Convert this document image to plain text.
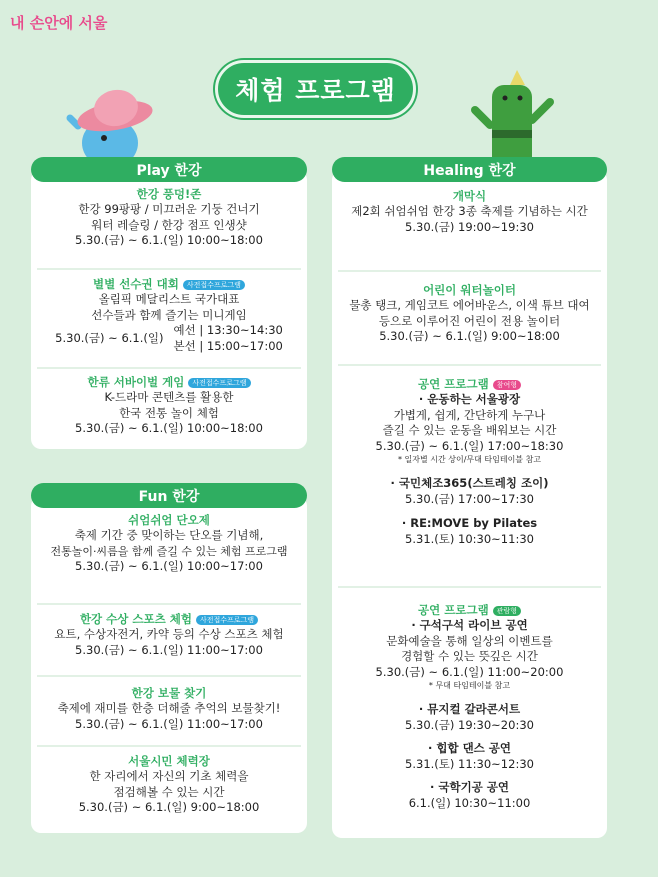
내 손안에 서울
체험 프로그램
Play 한강
한강 풍덩!존
한강 99팡팡 / 미끄러운 기둥 건너기
워터 레슬링 / 한강 점프 인생샷
5.30.(금) ~ 6.1.(일) 10:00~18:00
별별 선수권 대회 사전접수프로그램
올림픽 메달리스트 국가대표
선수들과 함께 즐기는 미니게임
5.30.(금) ~ 6.1.(일)
예선 | 13:30~14:30
본선 | 15:00~17:00
한류 서바이벌 게임 사전접수프로그램
K-드라마 콘텐츠를 활용한
한국 전통 놀이 체험
5.30.(금) ~ 6.1.(일) 10:00~18:00
Fun 한강
쉬엄쉬엄 단오제
축제 기간 중 맞이하는 단오를 기념해,
전통놀이·씨름을 함께 즐길 수 있는 체험 프로그램
5.30.(금) ~ 6.1.(일) 10:00~17:00
한강 수상 스포츠 체험 사전접수프로그램
요트, 수상자전거, 카약 등의 수상 스포츠 체험
5.30.(금) ~ 6.1.(일) 11:00~17:00
한강 보물 찾기
축제에 재미를 한층 더해줄 추억의 보물찾기!
5.30.(금) ~ 6.1.(일) 11:00~17:00
서울시민 체력장
한 자리에서 자신의 기초 체력을
점검해볼 수 있는 시간
5.30.(금) ~ 6.1.(일) 9:00~18:00
Healing 한강
개막식
제2회 쉬엄쉬엄 한강 3종 축제를 기념하는 시간
5.30.(금) 19:00~19:30
어린이 워터놀이터
물총 탱크, 게임코트 에어바운스, 이색 튜브 대여
등으로 이루어진 어린이 전용 놀이터
5.30.(금) ~ 6.1.(일) 9:00~18:00
공연 프로그램 참여형
· 운동하는 서울광장
가볍게, 쉽게, 간단하게 누구나
즐길 수 있는 운동을 배워보는 시간
5.30.(금) ~ 6.1.(일) 17:00~18:30
* 일자별 시간 상이/무대 타임테이블 참고
· 국민체조365(스트레칭 조이)
5.30.(금) 17:00~17:30
· RE:MOVE by Pilates
5.31.(토) 10:30~11:30
공연 프로그램 관람형
· 구석구석 라이브 공연
문화예술을 통해 일상의 이벤트를
경험할 수 있는 뜻깊은 시간
5.30.(금) ~ 6.1.(일) 11:00~20:00
* 무대 타임테이블 참고
· 뮤지컬 갈라콘서트
5.30.(금) 19:30~20:30
· 힙합 댄스 공연
5.31.(토) 11:30~12:30
· 국학기공 공연
6.1.(일) 10:30~11:00
